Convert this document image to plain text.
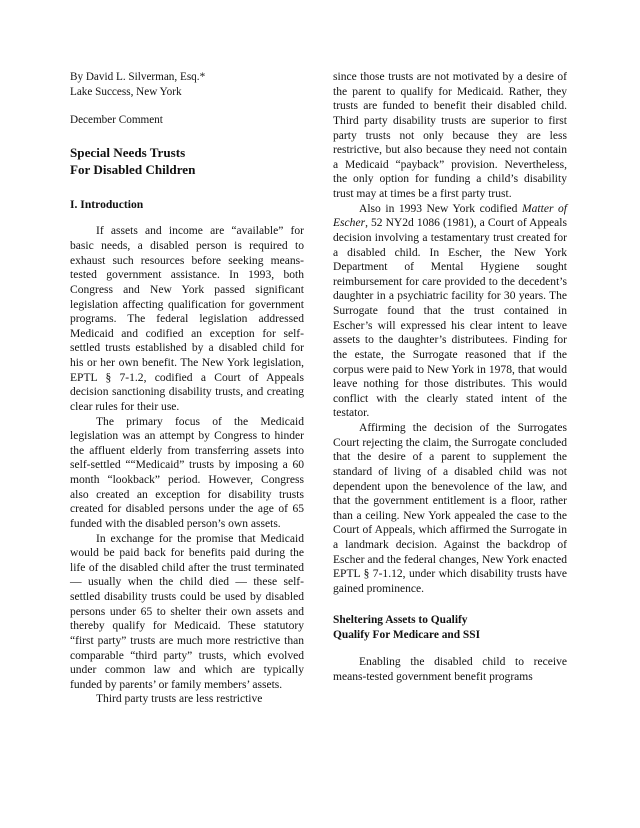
By David L. Silverman, Esq.*
Lake Success, New York
December Comment
Special Needs Trusts
For Disabled Children
I. Introduction

If assets and income are “available” for basic needs, a disabled person is required to exhaust such resources before seeking means-tested government assistance. In 1993, both Congress and New York passed significant legislation affecting qualification for government programs. The federal legislation addressed Medicaid and codified an exception for self-settled trusts established by a disabled child for his or her own benefit. The New York legislation, EPTL § 7-1.2, codified a Court of Appeals decision sanctioning disability trusts, and creating clear rules for their use.

The primary focus of the Medicaid legislation was an attempt by Congress to hinder the affluent elderly from transferring assets into self-settled ““Medicaid” trusts by imposing a 60 month “lookback” period. However, Congress also created an exception for disability trusts created for disabled persons under the age of 65 funded with the disabled person’s own assets.

In exchange for the promise that Medicaid would be paid back for benefits paid during the life of the disabled child after the trust terminated — usually when the child died — these self-settled disability trusts could be used by disabled persons under 65 to shelter their own assets and thereby qualify for Medicaid. These statutory “first party” trusts are much more restrictive than comparable “third party” trusts, which evolved under common law and which are typically funded by parents’ or family members’ assets.

Third party trusts are less restrictive

since those trusts are not motivated by a desire of the parent to qualify for Medicaid. Rather, they trusts are funded to benefit their disabled child. Third party disability trusts are superior to first party trusts not only because they are less restrictive, but also because they need not contain a Medicaid “payback” provision. Nevertheless, the only option for funding a child’s disability trust may at times be a first party trust.

Also in 1993 New York codified Matter of Escher, 52 NY2d 1086 (1981), a Court of Appeals decision involving a testamentary trust created for a disabled child. In Escher, the New York Department of Mental Hygiene sought reimbursement for care provided to the decedent’s daughter in a psychiatric facility for 30 years. The Surrogate found that the trust contained in Escher’s will expressed his clear intent to leave assets to the daughter’s distributees. Finding for the estate, the Surrogate reasoned that if the corpus were paid to New York in 1978, that would leave nothing for those distributes. This would conflict with the clearly stated intent of the testator.

Affirming the decision of the Surrogates Court rejecting the claim, the Surrogate concluded that the desire of a parent to supplement the standard of living of a disabled child was not dependent upon the benevolence of the law, and that the government entitlement is a floor, rather than a ceiling. New York appealed the case to the Court of Appeals, which affirmed the Surrogate in a landmark decision. Against the backdrop of Escher and the federal changes, New York enacted EPTL § 7-1.12, under which disability trusts have gained prominence.

Sheltering Assets to Qualify
Qualify For Medicare and SSI

Enabling the disabled child to receive means-tested government benefit programs
